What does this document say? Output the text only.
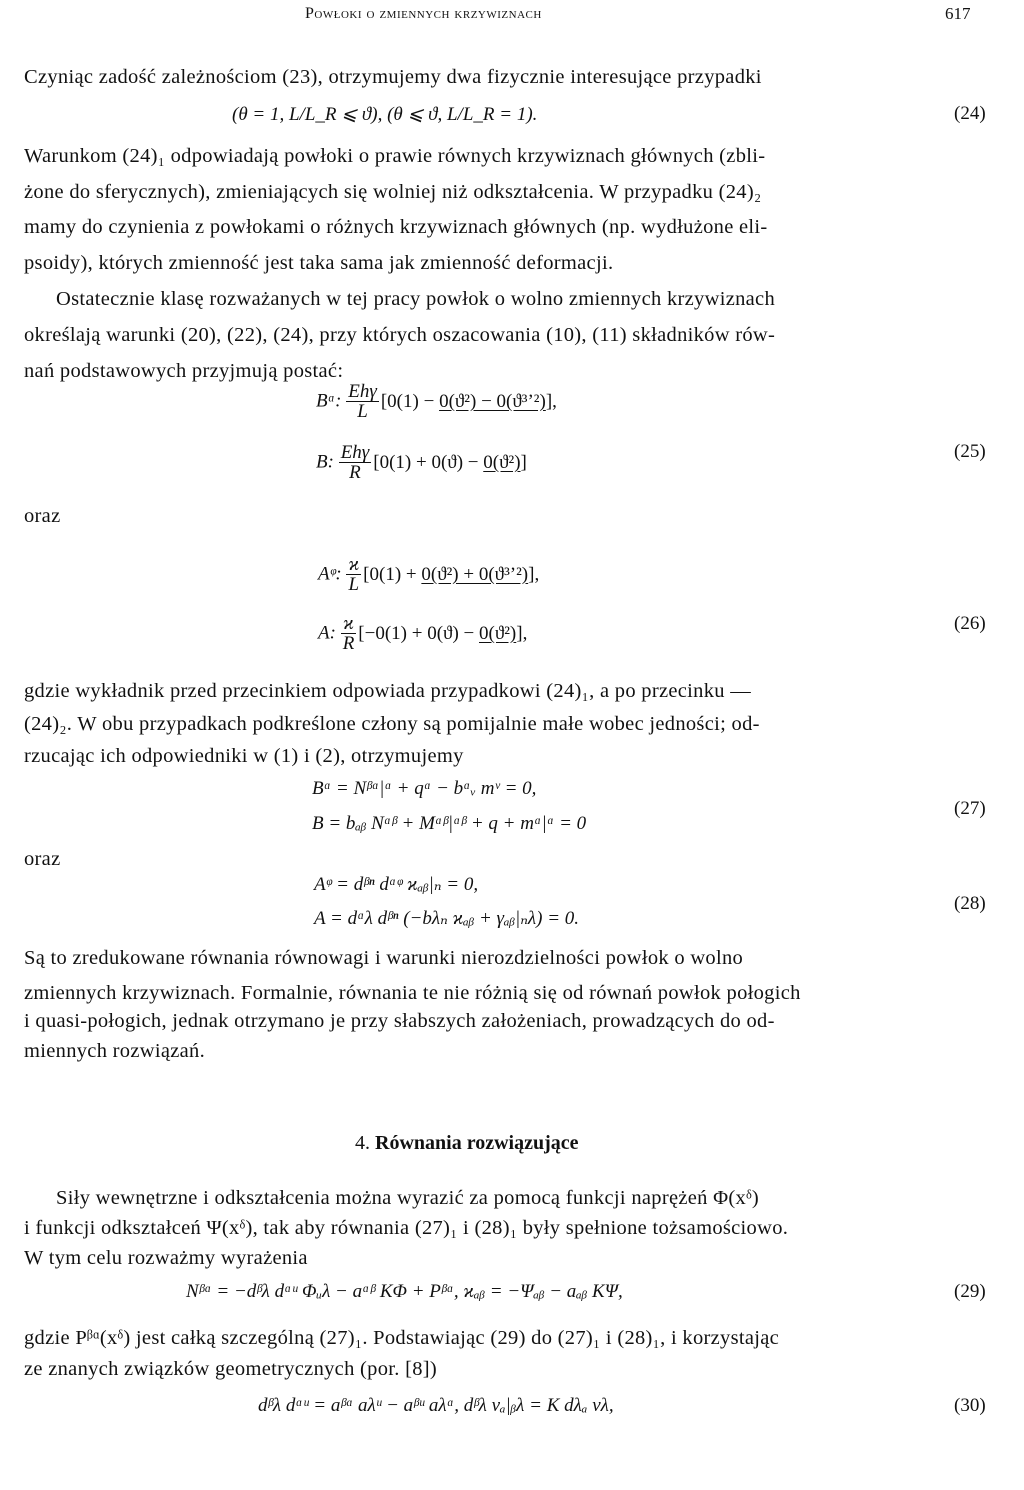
Powłoki o zmiennych krzywiznach	617
Czyniąc zadość zależnościom (23), otrzymujemy dwa fizycznie interesujące przypadki
(θ = 1, L/L_R ⩽ ϑ), (θ ⩽ ϑ, L/L_R = 1).	(24)
Warunkom (24)₁ odpowiadają powłoki o prawie równych krzywiznach głównych (zbli-
żone do sferycznych), zmieniających się wolniej niż odkształcenia. W przypadku (24)₂
mamy do czynienia z powłokami o różnych krzywiznach głównych (np. wydłużone eli-
psoidy), których zmienność jest taka sama jak zmienność deformacji.
Ostatecznie klasę rozważanych w tej pracy powłok o wolno zmiennych krzywiznach
określają warunki (20), (22), (24), przy których oszacowania (10), (11) składników rów-
nań podstawowych przyjmują postać:
Bᵅ: $\frac{\text{Ehγ}}{L} [0(1) - 0(ϑ^2)$ − 0(ϑ³ʼ²)],
(25)
B: $\frac{\text{Ehγ}}{R} [0(1) + 0(ϑ) - 0(ϑ^2)]$
oraz
Aᵠ: $\frac{ϰ}{L} [0(1) + 0(ϑ^2)$ + 0(ϑ³ʼ²)],
(26)
A: $\frac{ϰ}{R} [-0(1) + 0(ϑ) - 0(ϑ^2)]$,
gdzie wykładnik przed przecinkiem odpowiada przypadkowi (24)₁, a po przecinku —
(24)₂. W obu przypadkach podkreślone człony są pomijalnie małe wobec jedności; od-
rzucając ich odpowiedniki w (1) i (2), otrzymujemy
Bᵅ = Nᵝᵅ|ᵅ + qᵅ − bᵅᵥ mᵛ = 0,
(27)
B = bₐᵦ Nᵅᵝ + Mᵅᵝ|ᵅᵝ + q + mᵅ|ᵅ = 0
oraz
Aᵠ = dᵝⁿ dᵅᵠ ϰₐᵦ|ₙ = 0,
(28)
A = dᵅλ dᵝⁿ (−bλₙ ϰₐᵦ + γₐᵦ|ₙλ) = 0.
Są to zredukowane równania równowagi i warunki nierozdzielności powłok o wolno
zmiennych krzywiznach. Formalnie, równania te nie różnią się od równań powłok połogich
i quasi-połogich, jednak otrzymano je przy słabszych założeniach, prowadzących do od-
miennych rozwiązań.
4. Równania rozwiązujące
Siły wewnętrzne i odkształcenia można wyrazić za pomocą funkcji naprężeń Φ(xᵟ)
i funkcji odkształceń Ψ(xᵟ), tak aby równania (27)₁ i (28)₁ były spełnione tożsamościowo.
W tym celu rozważmy wyrażenia
Nᵝᵅ = −dᵝλ dᵅᵘ Φᵤλ − aᵅᵝ KΦ + Pᵝᵅ, ϰₐᵦ = −Ψₐᵦ − aₐᵦ KΨ,	(29)
gdzie Pᵝᵅ(xᵟ) jest całką szczególną (27)₁. Podstawiając (29) do (27)₁ i (28)₁, i korzystając
ze znanych związków geometrycznych (por. [8])
dᵝλ dᵅᵘ = aᵝᵅ aλᵘ − aᵝᵘ aλᵅ, dᵝλ vₐ|ᵦλ = K dλₐ vλ,	(30)
